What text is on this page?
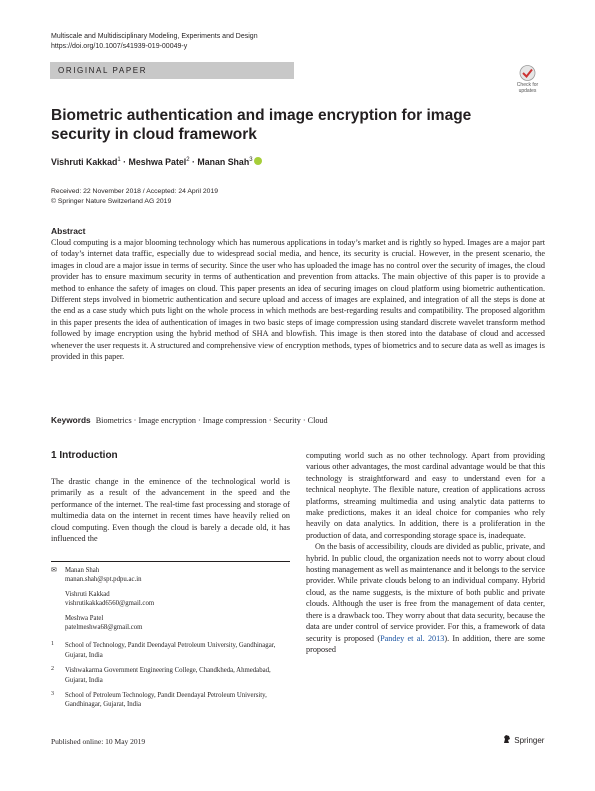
Multiscale and Multidisciplinary Modeling, Experiments and Design
https://doi.org/10.1007/s41939-019-00049-y
ORIGINAL PAPER
Check for
updates
Biometric authentication and image encryption for image security in cloud framework
Vishruti Kakkad$^1$ · Meshwa Patel$^2$ · Manan Shah$^3$
Received: 22 November 2018 / Accepted: 24 April 2019
© Springer Nature Switzerland AG 2019
Abstract
Cloud computing is a major blooming technology which has numerous applications in today’s market and is rightly so hyped. Images are a major part of today’s internet data traffic, especially due to widespread social media, and hence, its security is crucial. However, in the present scenario, the images in cloud are a major issue in terms of security. Since the user who has uploaded the image has no control over the security of images, the cloud provider has to ensure maximum security in terms of authentication and prevention from attacks. The main objective of this paper is to provide a method to enhance the safety of images on cloud. This paper presents an idea of securing images on cloud platform using biometric authentication. Different steps involved in biometric authentication and secure upload and access of images are explained, and integration of all the steps is done at the end as a case study which puts light on the whole process in which methods are best-regarding results and compatibility. The proposed algorithm in this paper presents the idea of authentication of images in two basic steps of image compression using standard discrete wavelet transform method followed by image encryption using the hybrid method of SHA and blowfish. This image is then stored into the database of cloud and accessed whenever the user requests it. A structured and comprehensive view of encryption methods, types of biometrics and to secure data as well as images is provided in this paper.
Keywords Biometrics · Image encryption · Image compression · Security · Cloud
1 Introduction

The drastic change in the eminence of the technological world is primarily as a result of the advancement in the speed and the performance of the internet. The real-time fast processing and storage of multimedia data on the internet in recent times have heavily relied on cloud computing. Even though the cloud is barely a decade old, it has influenced the

✉ Manan Shah
manan.shah@spt.pdpu.ac.in
Vishruti Kakkad
vishrutikakkad6560@gmail.com
Meshwa Patel
patelmeshwa68@gmail.com
1 School of Technology, Pandit Deendayal Petroleum University, Gandhinagar, Gujarat, India
2 Vishwakarma Government Engineering College, Chandkheda, Ahmedabad, Gujarat, India
3 School of Petroleum Technology, Pandit Deendayal Petroleum University, Gandhinagar, Gujarat, India

computing world such as no other technology. Apart from providing various other advantages, the most cardinal advantage would be that this technology is straightforward and easy to understand even for a technical neophyte. The flexible nature, creation of applications across platforms, streaming multimedia and using analytic data patterns to make predictions, makes it an ideal choice for companies who rely heavily on data analytics. In addition, there is a proliferation in the production of data, and corresponding storage space is, inadequate.

On the basis of accessibility, clouds are divided as public, private, and hybrid. In public cloud, the organization needs not to worry about cloud hosting management as well as maintenance and it belongs to the service provider. While private clouds belong to an individual company. Hybrid cloud, as the name suggests, is the mixture of both public and private clouds. Although the user is free from the management of data center, there is a drawback too. They worry about that data security, because the data are under control of service provider. For this, a framework of data security is proposed (Pandey et al. 2013). In addition, there are some proposed

Published online: 10 May 2019	Springer
